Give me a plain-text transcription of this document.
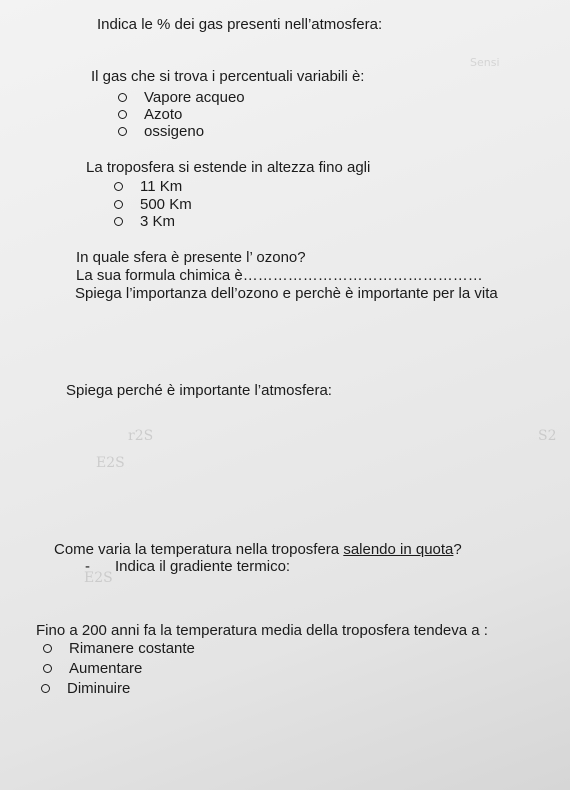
Sensi
r2S
E2S
S2
E2S
Indica le % dei gas presenti nell’atmosfera:
Il gas che si trova i percentuali variabili è:
Vapore acqueo
Azoto
ossigeno
La troposfera si estende in altezza fino agli
11 Km
500 Km
3 Km
In quale sfera è presente l’ ozono?
La sua formula chimica è…………………………………………
Spiega l’importanza dell’ozono e perchè è importante per la vita
Spiega perché è importante l’atmosfera:
Come varia la temperatura nella troposfera salendo in quota?
- Indica il gradiente termico:
Fino a 200 anni fa la temperatura media della troposfera tendeva a :
Rimanere costante
Aumentare
Diminuire
